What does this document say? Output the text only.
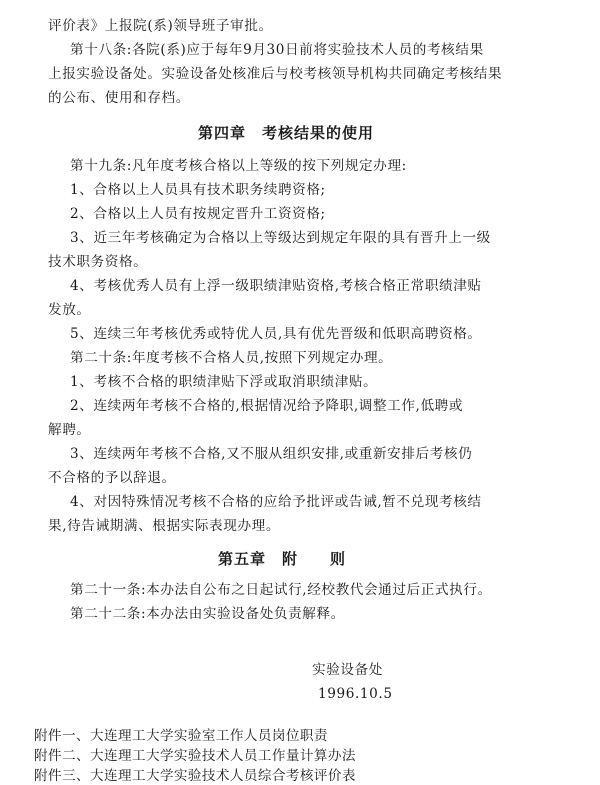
评价表》上报院(系)领导班子审批。
第十八条:各院(系)应于每年9月30日前将实验技术人员的考核结果
上报实验设备处。实验设备处核准后与校考核领导机构共同确定考核结果
的公布、使用和存档。
第四章　考核结果的使用
第十九条:凡年度考核合格以上等级的按下列规定办理:
1、合格以上人员具有技术职务续聘资格;
2、合格以上人员有按规定晋升工资资格;
3、近三年考核确定为合格以上等级达到规定年限的具有晋升上一级
技术职务资格。
4、考核优秀人员有上浮一级职绩津贴资格,考核合格正常职绩津贴
发放。
5、连续三年考核优秀或特优人员,具有优先晋级和低职高聘资格。
第二十条:年度考核不合格人员,按照下列规定办理。
1、考核不合格的职绩津贴下浮或取消职绩津贴。
2、连续两年考核不合格的,根据情况给予降职,调整工作,低聘或
解聘。
3、连续两年考核不合格,又不服从组织安排,或重新安排后考核仍
不合格的予以辞退。
4、对因特殊情况考核不合格的应给予批评或告诫,暂不兑现考核结
果,待告诫期满、根据实际表现办理。
第五章　附　　则
第二十一条:本办法自公布之日起试行,经校教代会通过后正式执行。
第二十二条:本办法由实验设备处负责解释。
实验设备处
1996.10.5
附件一、大连理工大学实验室工作人员岗位职责
附件二、大连理工大学实验技术人员工作量计算办法
附件三、大连理工大学实验技术人员综合考核评价表
